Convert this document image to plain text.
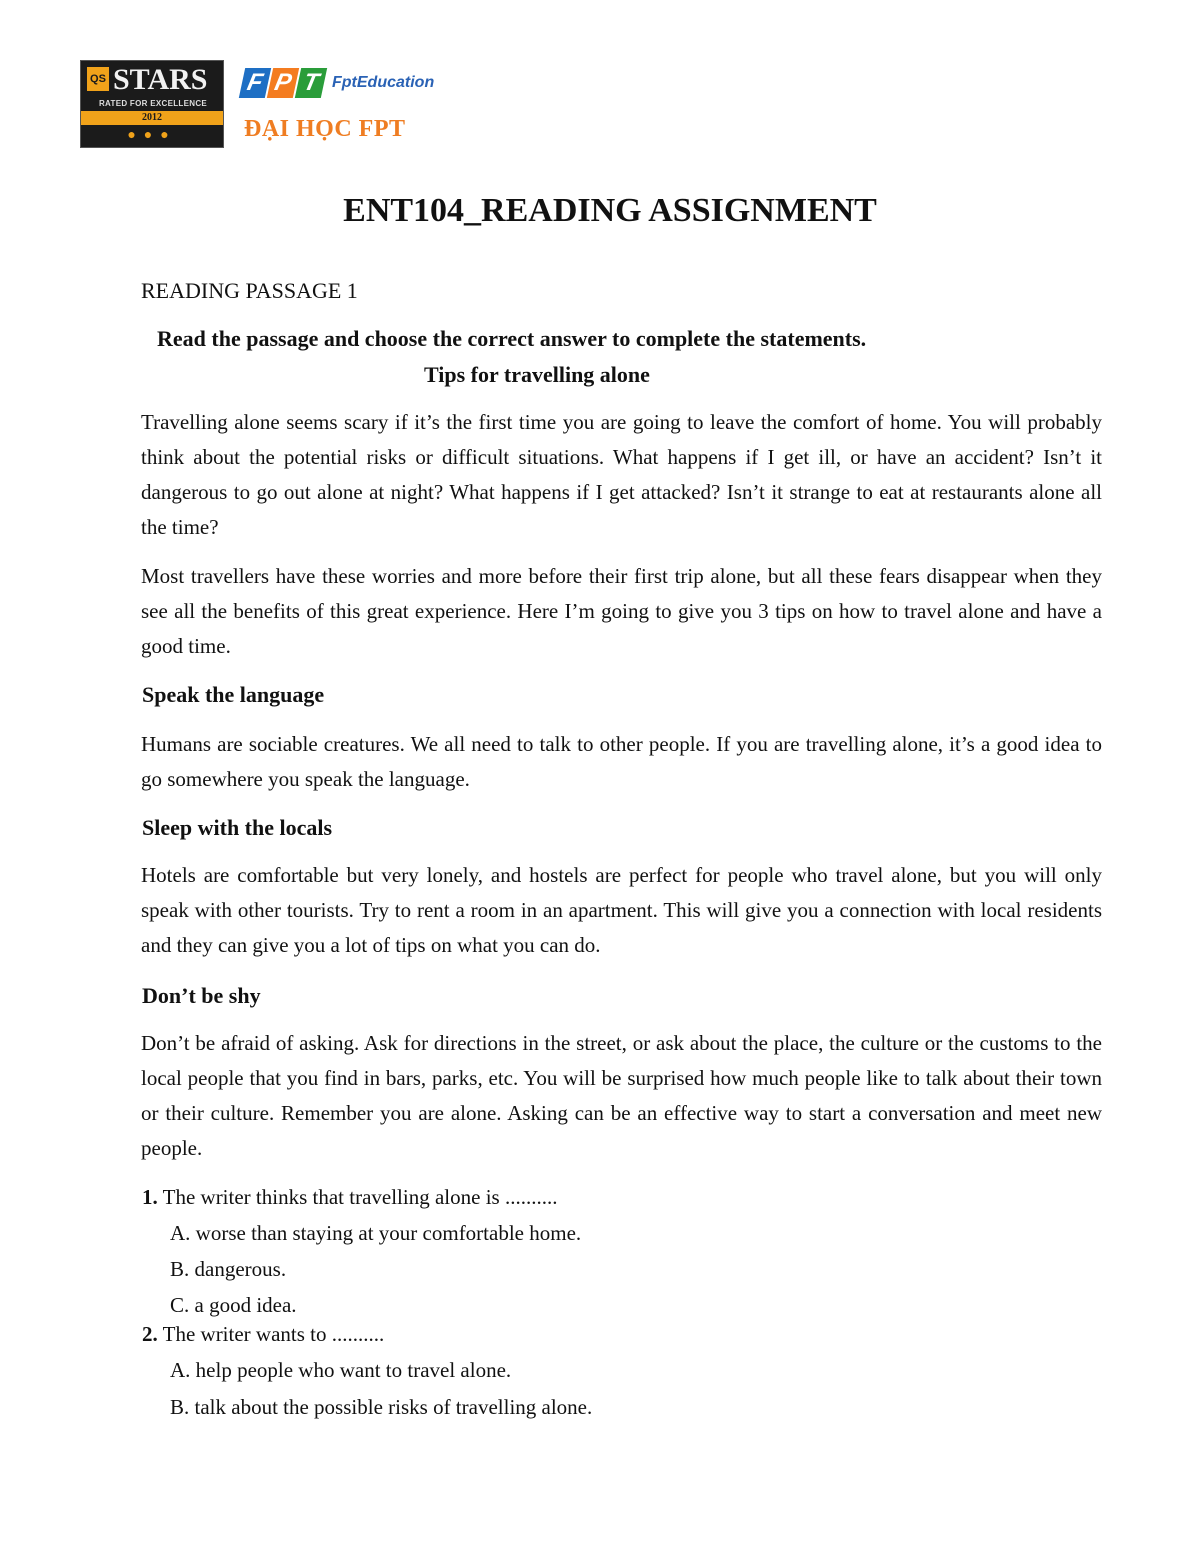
QS STARS
RATED FOR EXCELLENCE
2012
●●●
F P T FptEducation
ĐẠI HỌC FPT
ENT104_READING ASSIGNMENT

READING PASSAGE 1

Read the passage and choose the correct answer to complete the statements.

Tips for travelling alone

Travelling alone seems scary if it’s the first time you are going to leave the comfort of home. You will probably think about the potential risks or difficult situations. What happens if I get ill, or have an accident? Isn’t it dangerous to go out alone at night? What happens if I get attacked? Isn’t it strange to eat at restaurants alone all the time?

Most travellers have these worries and more before their first trip alone, but all these fears disappear when they see all the benefits of this great experience. Here I’m going to give you 3 tips on how to travel alone and have a good time.

Speak the language

Humans are sociable creatures. We all need to talk to other people. If you are travelling alone, it’s a good idea to go somewhere you speak the language.

Sleep with the locals

Hotels are comfortable but very lonely, and hostels are perfect for people who travel alone, but you will only speak with other tourists. Try to rent a room in an apartment. This will give you a connection with local residents and they can give you a lot of tips on what you can do.

Don’t be shy

Don’t be afraid of asking. Ask for directions in the street, or ask about the place, the culture or the customs to the local people that you find in bars, parks, etc. You will be surprised how much people like to talk about their town or their culture. Remember you are alone. Asking can be an effective way to start a conversation and meet new people.

1. The writer thinks that travelling alone is ..........

A. worse than staying at your comfortable home.

B. dangerous.

C. a good idea.

2. The writer wants to ..........

A. help people who want to travel alone.

B. talk about the possible risks of travelling alone.
